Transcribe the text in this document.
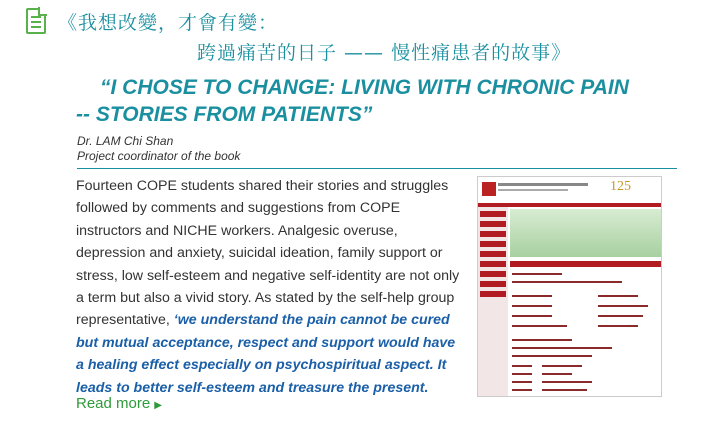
《我想改變，才會有變：
跨過痛苦的日子 —— 慢性痛患者的故事》
“I CHOSE TO CHANGE: LIVING WITH CHRONIC PAIN
-- STORIES FROM PATIENTS”
Dr. LAM Chi Shan
Project coordinator of the book
Fourteen COPE students shared their stories and struggles followed by comments and suggestions from COPE instructors and NICHE workers. Analgesic overuse, depression and anxiety, suicidal ideation, family support or stress, low self-esteem and negative self-identity are not only a term but also a vivid story. As stated by the self-help group representative, ‘we understand the pain cannot be cured but mutual acceptance, respect and support would have a healing effect especially on psychospiritual aspect. It leads to better self-esteem and treasure the present.
Read more ▶
125
